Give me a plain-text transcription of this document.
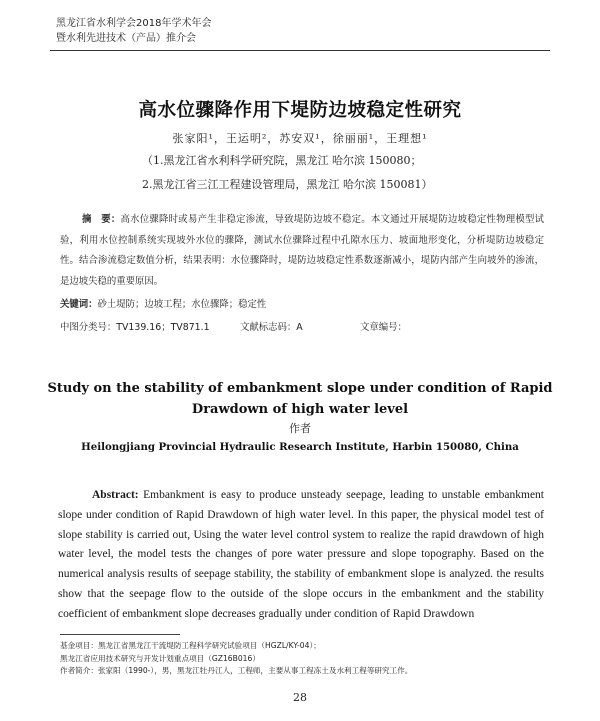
黑龙江省水利学会2018年学术年会
暨水利先进技术（产品）推介会
高水位骤降作用下堤防边坡稳定性研究
张家阳¹，王运明²，苏安双¹，徐丽丽¹，王理想¹
（1.黑龙江省水利科学研究院，黑龙江 哈尔滨 150080；
2.黑龙江省三江工程建设管理局，黑龙江 哈尔滨 150081）
摘　要：高水位骤降时或易产生非稳定渗流，导致堤防边坡不稳定。本文通过开展堤防边坡稳定性物理模型试验，利用水位控制系统实现坡外水位的骤降，测试水位骤降过程中孔隙水压力、坡面地形变化，分析堤防边坡稳定性。结合渗流稳定数值分析，结果表明：水位骤降时，堤防边坡稳定性系数逐渐减小，堤防内部产生向坡外的渗流，是边坡失稳的重要原因。
关键词：砂土堤防；边坡工程；水位骤降；稳定性
中图分类号：TV139.16；TV871.1	文献标志码：A	文章编号：
Study on the stability of embankment slope under condition of Rapid
Drawdown of high water level
作者
Heilongjiang Provincial Hydraulic Research Institute, Harbin 150080, China
Abstract: Embankment is easy to produce unsteady seepage, leading to unstable embankment slope under condition of Rapid Drawdown of high water level. In this paper, the physical model test of slope stability is carried out, Using the water level control system to realize the rapid drawdown of high water level, the model tests the changes of pore water pressure and slope topography. Based on the numerical analysis results of seepage stability, the stability of embankment slope is analyzed. the results show that the seepage flow to the outside of the slope occurs in the embankment and the stability coefficient of embankment slope decreases gradually under condition of Rapid Drawdown
基金项目：黑龙江省黑龙江干流堤防工程科学研究试验项目（HGZL/KY-04）；
黑龙江省应用技术研究与开发计划重点项目（GZ16B016）
作者简介：张家阳（1990-），男，黑龙江牡丹江人，工程师，主要从事工程冻土及水利工程等研究工作。
28
